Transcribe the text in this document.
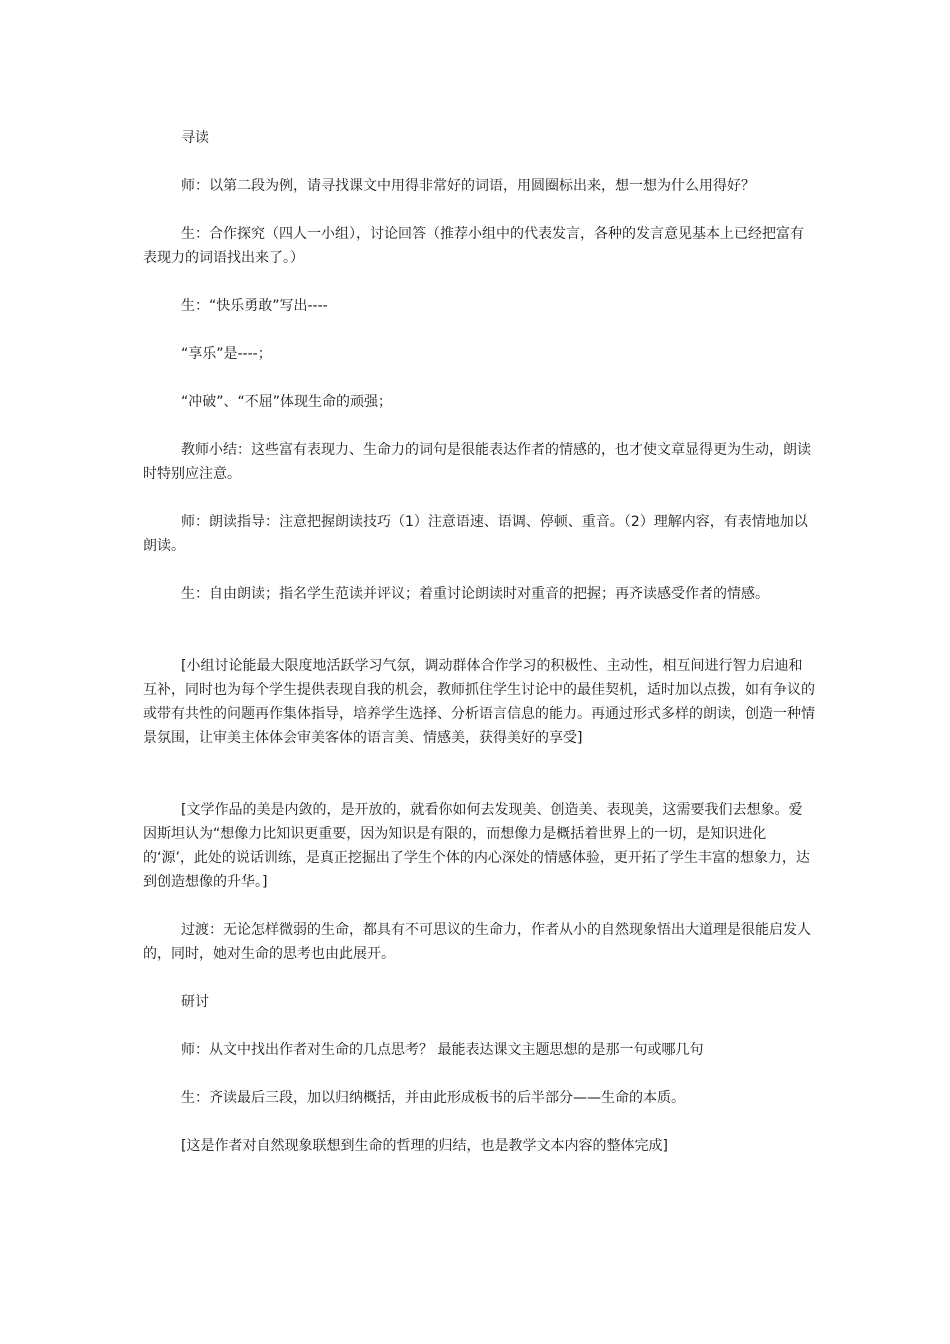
寻读

师：以第二段为例，请寻找课文中用得非常好的词语，用圆圈标出来，想一想为什么用得好？

生：合作探究（四人一小组），讨论回答（推荐小组中的代表发言，各种的发言意见基本上已经把富有表现力的词语找出来了。）

生：“快乐勇敢”写出----

“享乐”是----；

“冲破”、“不屈”体现生命的顽强；

教师小结：这些富有表现力、生命力的词句是很能表达作者的情感的，也才使文章显得更为生动，朗读时特别应注意。

师：朗读指导：注意把握朗读技巧（1）注意语速、语调、停顿、重音。（2）理解内容，有表情地加以朗读。

生：自由朗读；指名学生范读并评议；着重讨论朗读时对重音的把握；再齐读感受作者的情感。

[小组讨论能最大限度地活跃学习气氛，调动群体合作学习的积极性、主动性，相互间进行智力启迪和互补，同时也为每个学生提供表现自我的机会，教师抓住学生讨论中的最佳契机，适时加以点拨，如有争议的或带有共性的问题再作集体指导，培养学生选择、分析语言信息的能力。再通过形式多样的朗读，创造一种情景氛围，让审美主体体会审美客体的语言美、情感美，获得美好的享受]

[文学作品的美是内敛的，是开放的，就看你如何去发现美、创造美、表现美，这需要我们去想象。爱因斯坦认为“想像力比知识更重要，因为知识是有限的，而想像力是概括着世界上的一切，是知识进化的‘源’，此处的说话训练，是真正挖掘出了学生个体的内心深处的情感体验，更开拓了学生丰富的想象力，达到创造想像的升华。]

过渡：无论怎样微弱的生命，都具有不可思议的生命力，作者从小的自然现象悟出大道理是很能启发人的，同时，她对生命的思考也由此展开。

研讨

师：从文中找出作者对生命的几点思考？ 最能表达课文主题思想的是那一句或哪几句

生：齐读最后三段，加以归纳概括，并由此形成板书的后半部分——生命的本质。

[这是作者对自然现象联想到生命的哲理的归结，也是教学文本内容的整体完成]
